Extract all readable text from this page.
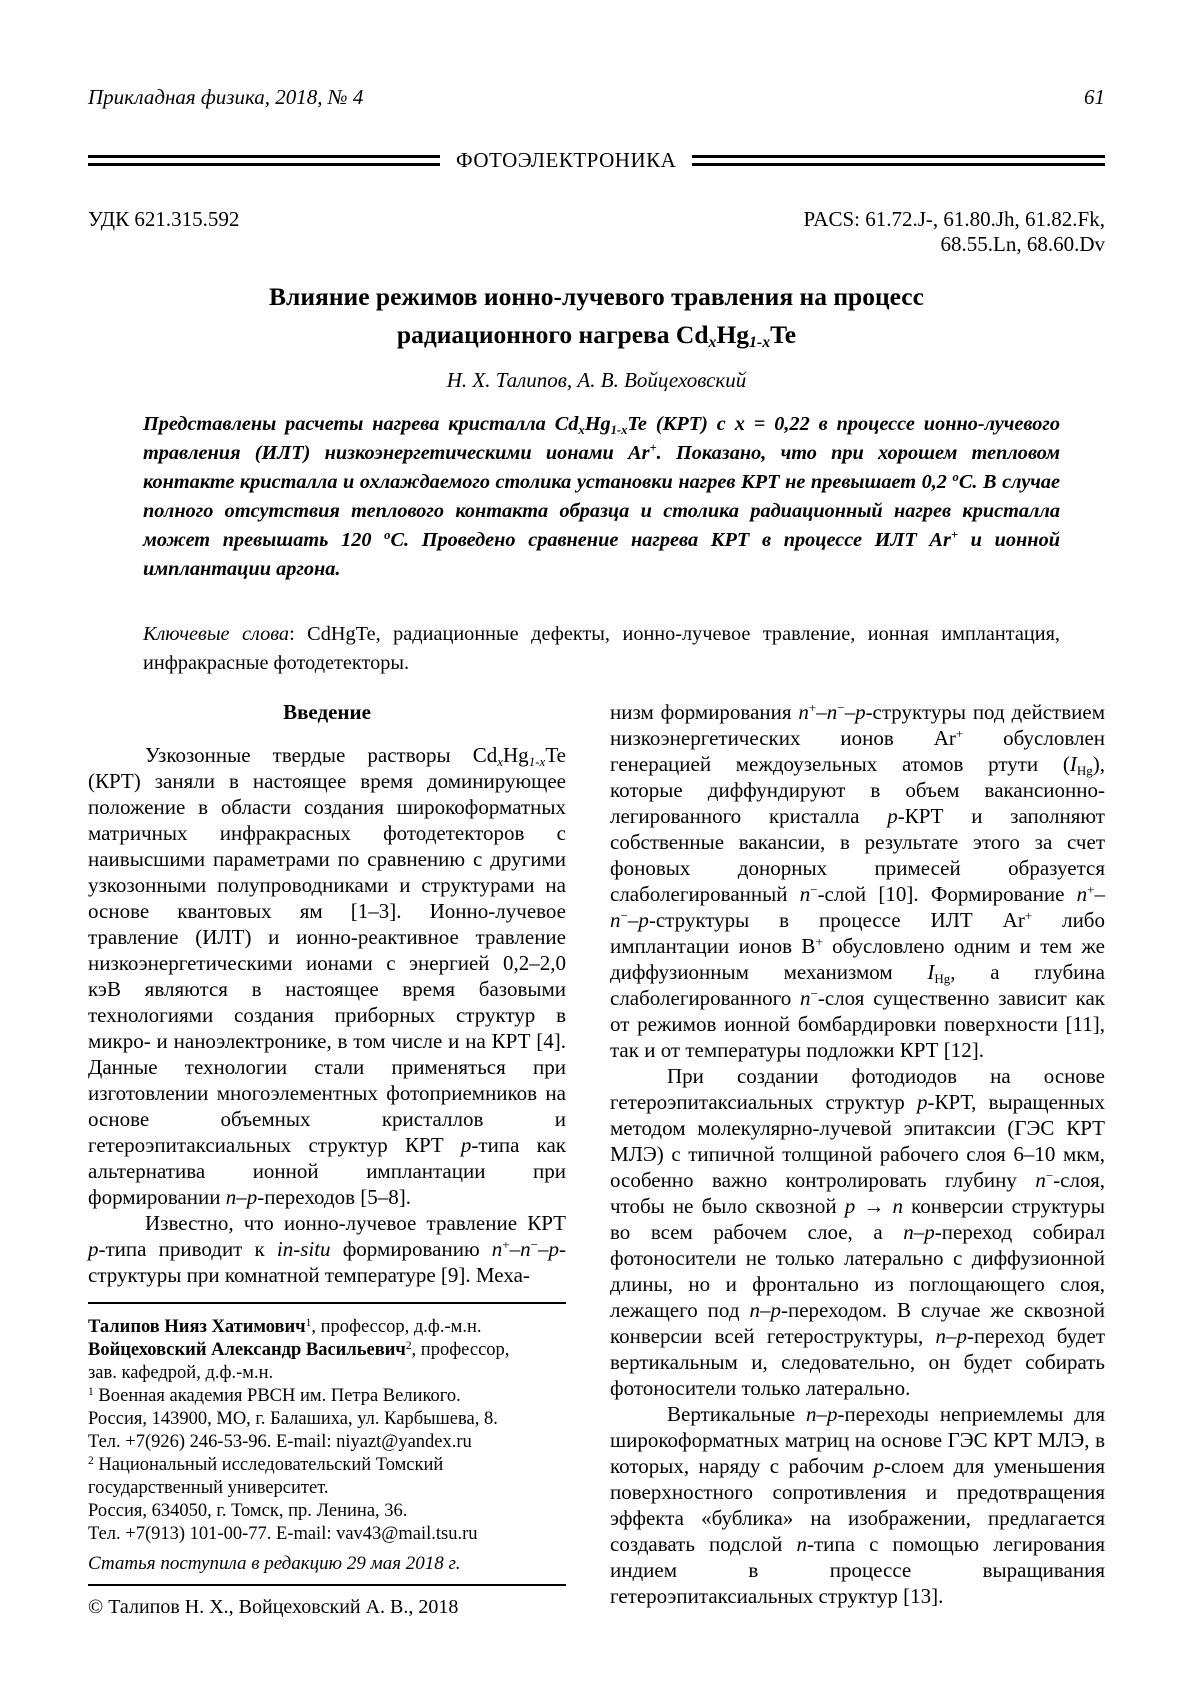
Прикладная физика, 2018, № 4	61
ФОТОЭЛЕКТРОНИКА
УДК 621.315.592	PACS: 61.72.J-, 61.80.Jh, 61.82.Fk,
68.55.Ln, 68.60.Dv
Влияние режимов ионно-лучевого травления на процесс
радиационного нагрева $Cd_xHg_{1-x}Te$
Н. Х. Талипов, А. В. Войцеховский
Представлены расчеты нагрева кристалла $Cd_xHg_{1-x}Te$ (КРТ) с x = 0,22 в процессе ионно-лучевого травления (ИЛТ) низкоэнергетическими ионами Ar+. Показано, что при хорошем тепловом контакте кристалла и охлаждаемого столика установки нагрев КРТ не превышает 0,2 $^о$С. В случае полного отсутствия теплового контакта образца и столика радиационный нагрев кристалла может превышать 120 $^о$С. Проведено сравнение нагрева КРТ в процессе ИЛТ Ar+ и ионной имплантации аргона.
Ключевые слова: CdHgTe, радиационные дефекты, ионно-лучевое травление, ионная имплантация, инфракрасные фотодетекторы.
Введение

Узкозонные твердые растворы $Cd_xHg_{1-x}Te$ (КРТ) заняли в настоящее время доминирующее положение в области создания широкоформатных матричных инфракрасных фотодетекторов с наивысшими параметрами по сравнению с другими узкозонными полупроводниками и структурами на основе квантовых ям [1–3]. Ионно-лучевое травление (ИЛТ) и ионно-реактивное травление низкоэнергетическими ионами с энергией 0,2–2,0 кэВ являются в настоящее время базовыми технологиями создания приборных структур в микро- и наноэлектронике, в том числе и на КРТ [4]. Данные технологии стали применяться при изготовлении многоэлементных фотоприемников на основе объемных кристаллов и гетероэпитаксиальных структур КРТ p-типа как альтернатива ионной имплантации при формировании n–p-переходов [5–8].

Известно, что ионно-лучевое травление КРТ p-типа приводит к in-situ формированию n+–n−–p-структуры при комнатной температуре [9]. Меха-

Талипов Нияз Хатимович$^1$, профессор, д.ф.-м.н.
Войцеховский Александр Васильевич$^2$, профессор,
зав. кафедрой, д.ф.-м.н.
$^1$ Военная академия РВСН им. Петра Великого.
Россия, 143900, МО, г. Балашиха, ул. Карбышева, 8.
Тел. +7(926) 246-53-96. E-mail: niyazt@yandex.ru
$^2$ Национальный исследовательский Томский
государственный университет.
Россия, 634050, г. Томск, пр. Ленина, 36.
Тел. +7(913) 101-00-77. E-mail: vav43@mail.tsu.ru
Статья поступила в редакцию 29 мая 2018 г.
© Талипов Н. Х., Войцеховский А. В., 2018

низм формирования n+–n−–p-структуры под действием низкоэнергетических ионов Ar+ обусловлен генерацией междоузельных атомов ртути $(I_{Hg})$, которые диффундируют в объем вакансионно-легированного кристалла p-КРТ и заполняют собственные вакансии, в результате этого за счет фоновых донорных примесей образуется слаболегированный n−-слой [10]. Формирование n+–n−–p-структуры в процессе ИЛТ Ar+ либо имплантации ионов B+ обусловлено одним и тем же диффузионным механизмом $I_{Hg}$, а глубина слаболегированного n−-слоя существенно зависит как от режимов ионной бомбардировки поверхности [11], так и от температуры подложки КРТ [12].

При создании фотодиодов на основе гетероэпитаксиальных структур p-КРТ, выращенных методом молекулярно-лучевой эпитаксии (ГЭС КРТ МЛЭ) с типичной толщиной рабочего слоя 6–10 мкм, особенно важно контролировать глубину n−-слоя, чтобы не было сквозной p → n конверсии структуры во всем рабочем слое, а n–p-переход собирал фотоносители не только латерально с диффузионной длины, но и фронтально из поглощающего слоя, лежащего под n–p-переходом. В случае же сквозной конверсии всей гетероструктуры, n–p-переход будет вертикальным и, следовательно, он будет собирать фотоносители только латерально.

Вертикальные n–p-переходы неприемлемы для широкоформатных матриц на основе ГЭС КРТ МЛЭ, в которых, наряду с рабочим p-слоем для уменьшения поверхностного сопротивления и предотвращения эффекта «бублика» на изображении, предлагается создавать подслой n-типа с помощью легирования индием в процессе выращивания гетероэпитаксиальных структур [13].
